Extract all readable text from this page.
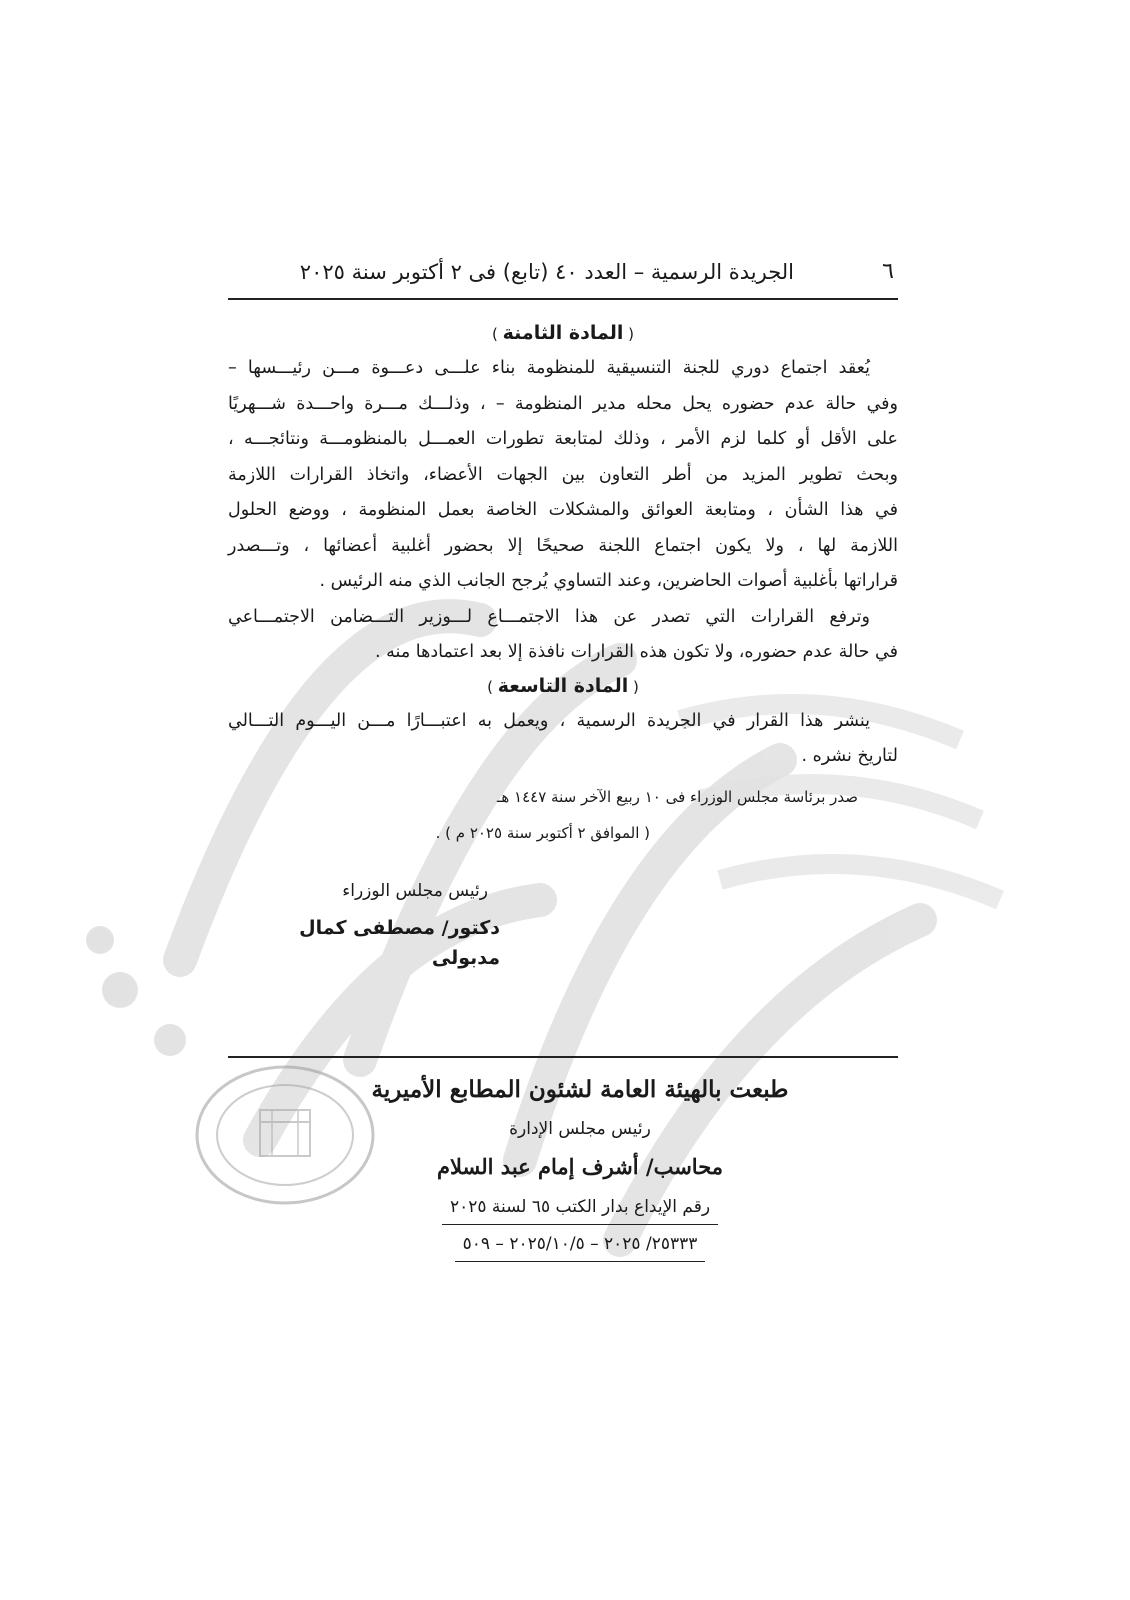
٦
الجريدة الرسمية – العدد ٤٠ (تابع) فى ٢ أكتوبر سنة ٢٠٢٥
( المادة الثامنة )
يُعقد اجتماع دوري للجنة التنسيقية للمنظومة بناء علـــى دعـــوة مـــن رئيـــسها –
وفي حالة عدم حضوره يحل محله مدير المنظومة – ، وذلـــك مـــرة واحـــدة شـــهريًا
على الأقل أو كلما لزم الأمر ، وذلك لمتابعة تطورات العمـــل بالمنظومـــة ونتائجـــه ،
وبحث تطوير المزيد من أطر التعاون بين الجهات الأعضاء، واتخاذ القرارات اللازمة
في هذا الشأن ، ومتابعة العوائق والمشكلات الخاصة بعمل المنظومة ، ووضع الحلول
اللازمة لها ، ولا يكون اجتماع اللجنة صحيحًا إلا بحضور أغلبية أعضائها ، وتـــصدر
قراراتها بأغلبية أصوات الحاضرين، وعند التساوي يُرجح الجانب الذي منه الرئيس .
وترفع القرارات التي تصدر عن هذا الاجتمـــاع لـــوزير التـــضامن الاجتمـــاعي
في حالة عدم حضوره، ولا تكون هذه القرارات نافذة إلا بعد اعتمادها منه .
( المادة التاسعة )
ينشر هذا القرار في الجريدة الرسمية ، ويعمل به اعتبـــارًا مـــن اليـــوم التـــالي
لتاريخ نشره .
صدر برئاسة مجلس الوزراء فى ١٠ ربيع الآخر سنة ١٤٤٧ هـ
( الموافق ٢ أكتوبر سنة ٢٠٢٥ م ) .
رئيس مجلس الوزراء
دكتور/ مصطفى كمال مدبولى
طبعت بالهيئة العامة لشئون المطابع الأميرية
رئيس مجلس الإدارة
محاسب/ أشرف إمام عبد السلام
رقم الإيداع بدار الكتب ٦٥ لسنة ٢٠٢٥
٢٥٣٣٣/ ٢٠٢٥ – ٢٠٢٥/١٠/٥ – ٥٠٩
